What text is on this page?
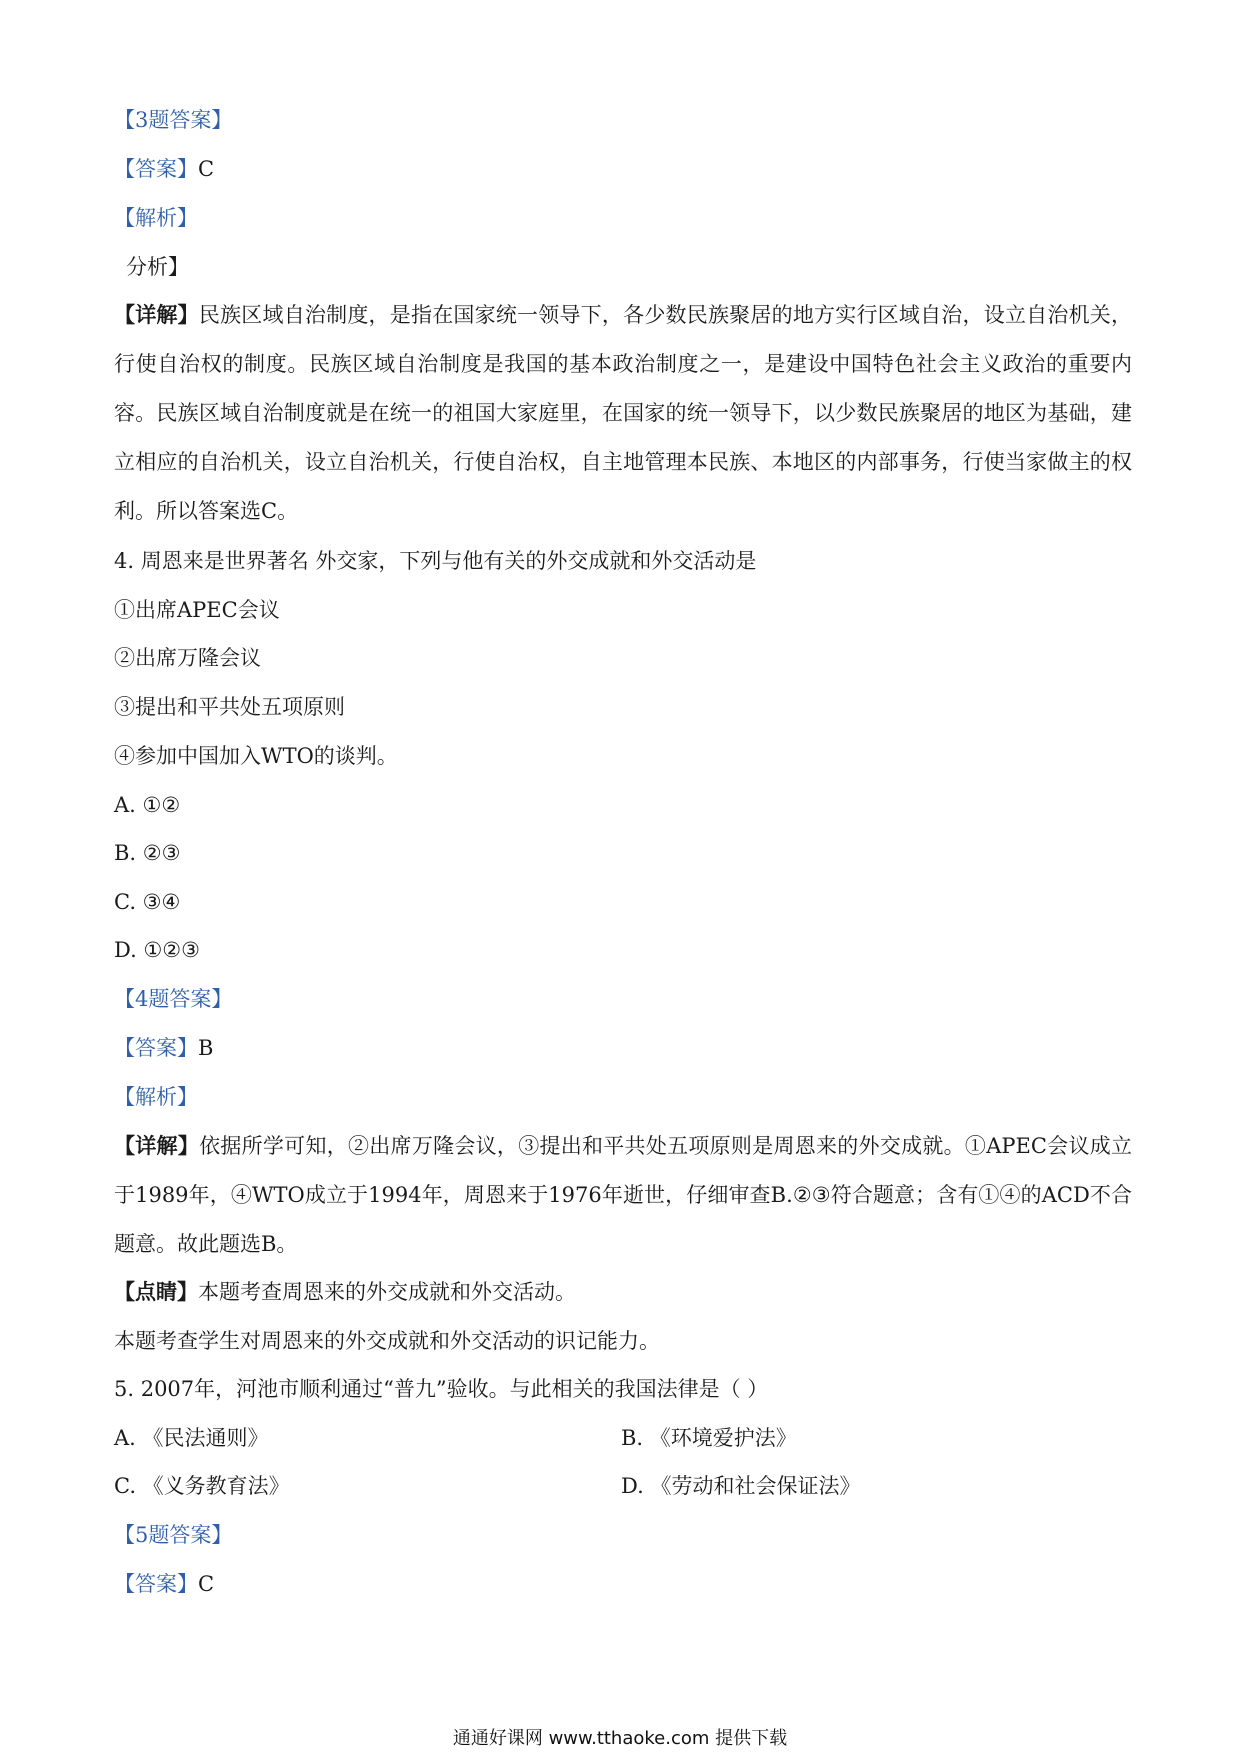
【3题答案】
【答案】C
【解析】
分析】
【详解】民族区域自治制度，是指在国家统一领导下，各少数民族聚居的地方实行区域自治，设立自治机关，行使自治权的制度。民族区域自治制度是我国的基本政治制度之一，是建设中国特色社会主义政治的重要内容。民族区域自治制度就是在统一的祖国大家庭里，在国家的统一领导下，以少数民族聚居的地区为基础，建立相应的自治机关，设立自治机关，行使自治权，自主地管理本民族、本地区的内部事务，行使当家做主的权利。所以答案选C。
4. 周恩来是世界著名 外交家，下列与他有关的外交成就和外交活动是
①出席APEC会议
②出席万隆会议
③提出和平共处五项原则
④参加中国加入WTO的谈判。
A. ①②
B. ②③
C. ③④
D. ①②③
【4题答案】
【答案】B
【解析】
【详解】依据所学可知，②出席万隆会议，③提出和平共处五项原则是周恩来的外交成就。①APEC会议成立于1989年，④WTO成立于1994年，周恩来于1976年逝世，仔细审查B.②③符合题意；含有①④的ACD不合题意。故此题选B。
【点睛】本题考查周恩来的外交成就和外交活动。
本题考查学生对周恩来的外交成就和外交活动的识记能力。
5. 2007年，河池市顺利通过“普九”验收。与此相关的我国法律是（ ）
A. 《民法通则》	B. 《环境爱护法》
C. 《义务教育法》	D. 《劳动和社会保证法》
【5题答案】
【答案】C
通通好课网 www.tthaoke.com 提供下载
